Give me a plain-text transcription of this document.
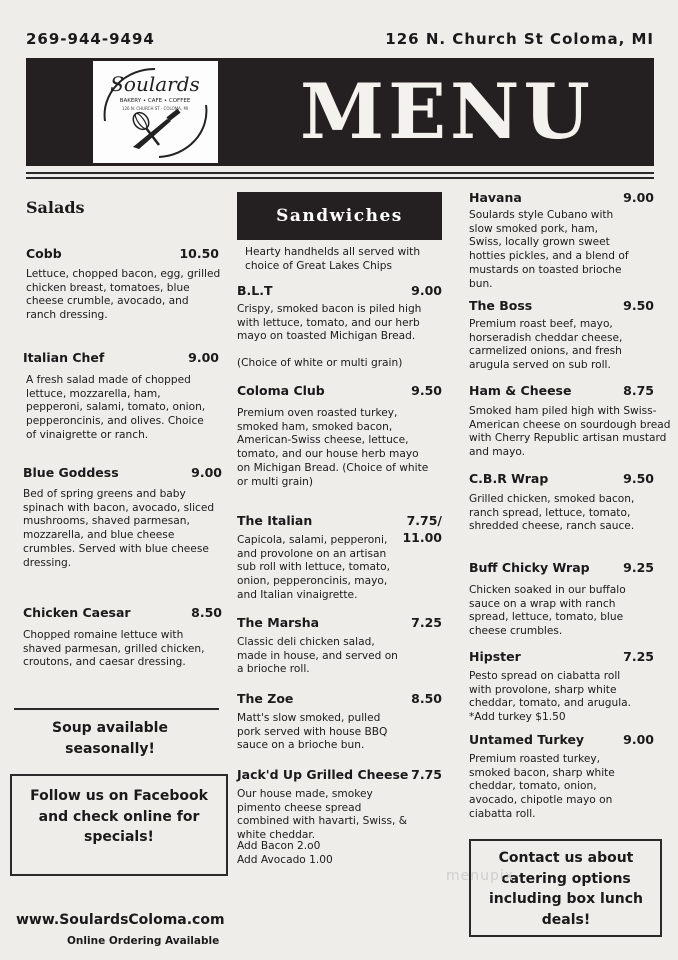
269-944-9494	126 N. Church St Coloma, MI
Soulards
BAKERY • CAFE • COFFEE
126 N. CHURCH ST · COLOMA, MI MENU
Salads
Cobb	10.50
Lettuce, chopped bacon, egg, grilled chicken breast, tomatoes, blue cheese crumble, avocado, and ranch dressing.
Italian Chef	9.00
A fresh salad made of chopped lettuce, mozzarella, ham, pepperoni, salami, tomato, onion, pepperoncinis, and olives. Choice of vinaigrette or ranch.
Blue Goddess	9.00
Bed of spring greens and baby spinach with bacon, avocado, sliced mushrooms, shaved parmesan, mozzarella, and blue cheese crumbles. Served with blue cheese dressing.
Chicken Caesar	8.50
Chopped romaine lettuce with shaved parmesan, grilled chicken, croutons, and caesar dressing.
Soup available seasonally!
Follow us on Facebook and check online for specials!
www.SoulardsColoma.com
Online Ordering Available
Sandwiches
Hearty handhelds all served with choice of Great Lakes Chips
B.L.T	9.00
Crispy, smoked bacon is piled high with lettuce, tomato, and our herb mayo on toasted Michigan Bread.
(Choice of white or multi grain)
Coloma Club	9.50
Premium oven roasted turkey, smoked ham, smoked bacon, American-Swiss cheese, lettuce, tomato, and our house herb mayo on Michigan Bread. (Choice of white or multi grain)
The Italian	7.75/
11.00
Capicola, salami, pepperoni, and provolone on an artisan sub roll with lettuce, tomato, onion, pepperoncinis, mayo, and Italian vinaigrette.
The Marsha	7.25
Classic deli chicken salad, made in house, and served on a brioche roll.
The Zoe	8.50
Matt's slow smoked, pulled pork served with house BBQ sauce on a brioche bun.
Jack'd Up Grilled Cheese 7.75
Our house made, smokey pimento cheese spread combined with havarti, Swiss, & white cheddar.
Add Bacon 2.o0
Add Avocado 1.00
Havana	9.00
Soulards style Cubano with slow smoked pork, ham, Swiss, locally grown sweet hotties pickles, and a blend of mustards on toasted brioche bun.
The Boss	9.50
Premium roast beef, mayo, horseradish cheddar cheese, carmelized onions, and fresh arugula served on sub roll.
Ham & Cheese	8.75
Smoked ham piled high with Swiss-American cheese on sourdough bread with Cherry Republic artisan mustard and mayo.
C.B.R Wrap	9.50
Grilled chicken, smoked bacon, ranch spread, lettuce, tomato, shredded cheese, ranch sauce.
Buff Chicky Wrap	9.25
Chicken soaked in our buffalo sauce on a wrap with ranch spread, lettuce, tomato, blue cheese crumbles.
Hipster	7.25
Pesto spread on ciabatta roll with provolone, sharp white cheddar, tomato, and arugula.
*Add turkey $1.50
Untamed Turkey	9.00
Premium roasted turkey, smoked bacon, sharp white cheddar, tomato, onion, avocado, chipotle mayo on ciabatta roll.
Contact us about catering options including box lunch deals!
menupix
